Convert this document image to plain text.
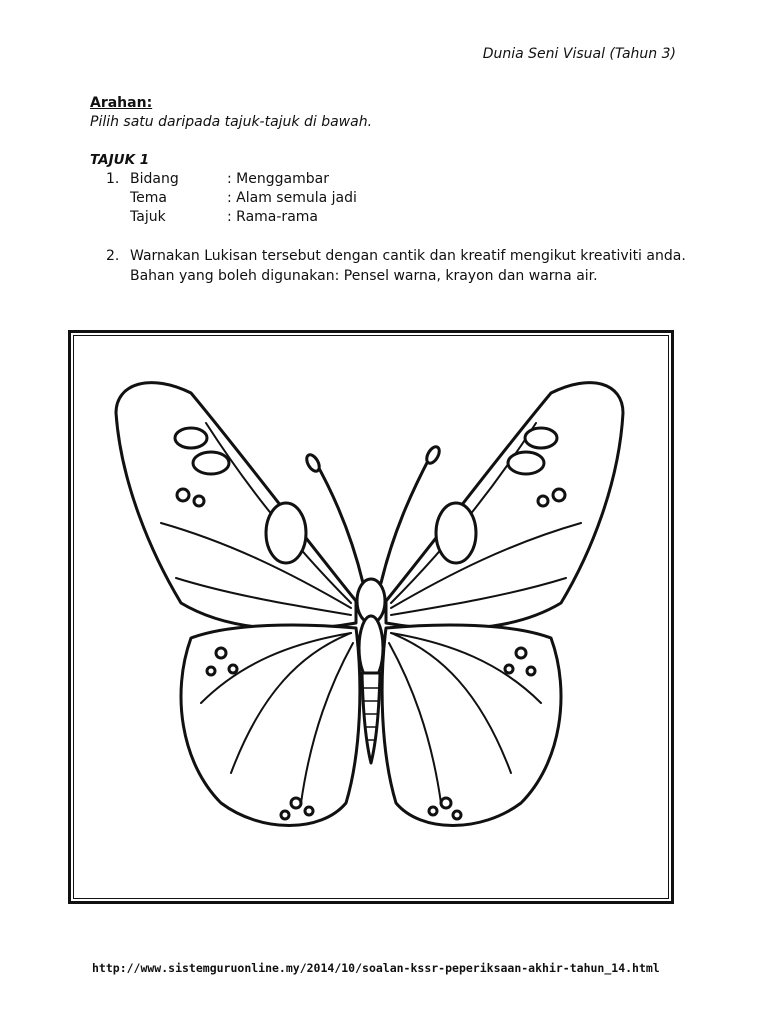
Dunia Seni Visual (Tahun 3)
Arahan:
Pilih satu daripada tajuk-tajuk di bawah.
TAJUK 1
1. Bidang	: Menggambar
Tema	: Alam semula jadi
Tajuk	: Rama-rama
2. Warnakan Lukisan tersebut dengan cantik dan kreatif mengikut kreativiti anda. Bahan yang boleh digunakan: Pensel warna, krayon dan warna air.
http://www.sistemguruonline.my/2014/10/soalan-kssr-peperiksaan-akhir-tahun_14.html
